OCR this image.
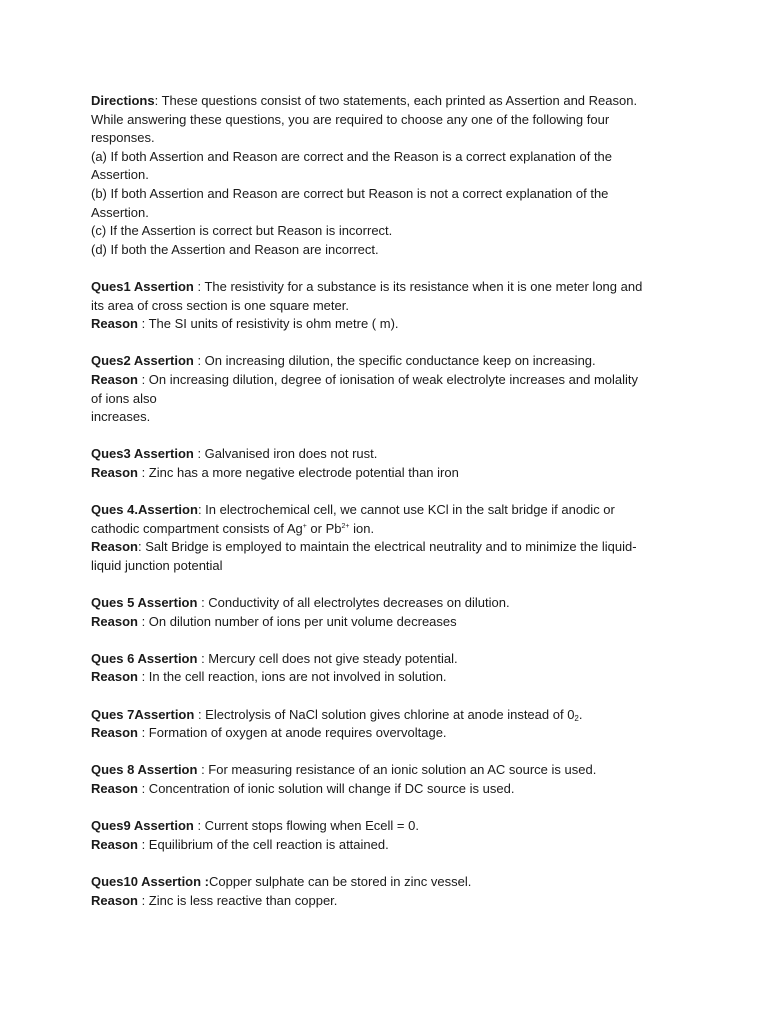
Directions: These questions consist of two statements, each printed as Assertion and Reason.
While answering these questions, you are required to choose any one of the following four
responses.
(a) If both Assertion and Reason are correct and the Reason is a correct explanation of the
Assertion.
(b) If both Assertion and Reason are correct but Reason is not a correct explanation of the
Assertion.
(c) If the Assertion is correct but Reason is incorrect.
(d) If both the Assertion and Reason are incorrect.
Ques1 Assertion : The resistivity for a substance is its resistance when it is one meter long and
its area of cross section is one square meter.
Reason : The SI units of resistivity is ohm metre ( m).
Ques2 Assertion : On increasing dilution, the specific conductance keep on increasing.
Reason : On increasing dilution, degree of ionisation of weak electrolyte increases and molality
of ions also
increases.
Ques3 Assertion : Galvanised iron does not rust.
Reason : Zinc has a more negative electrode potential than iron
Ques 4.Assertion: In electrochemical cell, we cannot use KCl in the salt bridge if anodic or
cathodic compartment consists of Ag+ or $Pb^{2+}$ ion.
Reason: Salt Bridge is employed to maintain the electrical neutrality and to minimize the liquid-
liquid junction potential
Ques 5 Assertion : Conductivity of all electrolytes decreases on dilution.
Reason : On dilution number of ions per unit volume decreases
Ques 6 Assertion : Mercury cell does not give steady potential.
Reason : In the cell reaction, ions are not involved in solution.
Ques 7Assertion : Electrolysis of NaCl solution gives chlorine at anode instead of $0_2$.
Reason : Formation of oxygen at anode requires overvoltage.
Ques 8 Assertion : For measuring resistance of an ionic solution an AC source is used.
Reason : Concentration of ionic solution will change if DC source is used.
Ques9 Assertion : Current stops flowing when Ecell = 0.
Reason : Equilibrium of the cell reaction is attained.
Ques10 Assertion :Copper sulphate can be stored in zinc vessel.
Reason : Zinc is less reactive than copper.
